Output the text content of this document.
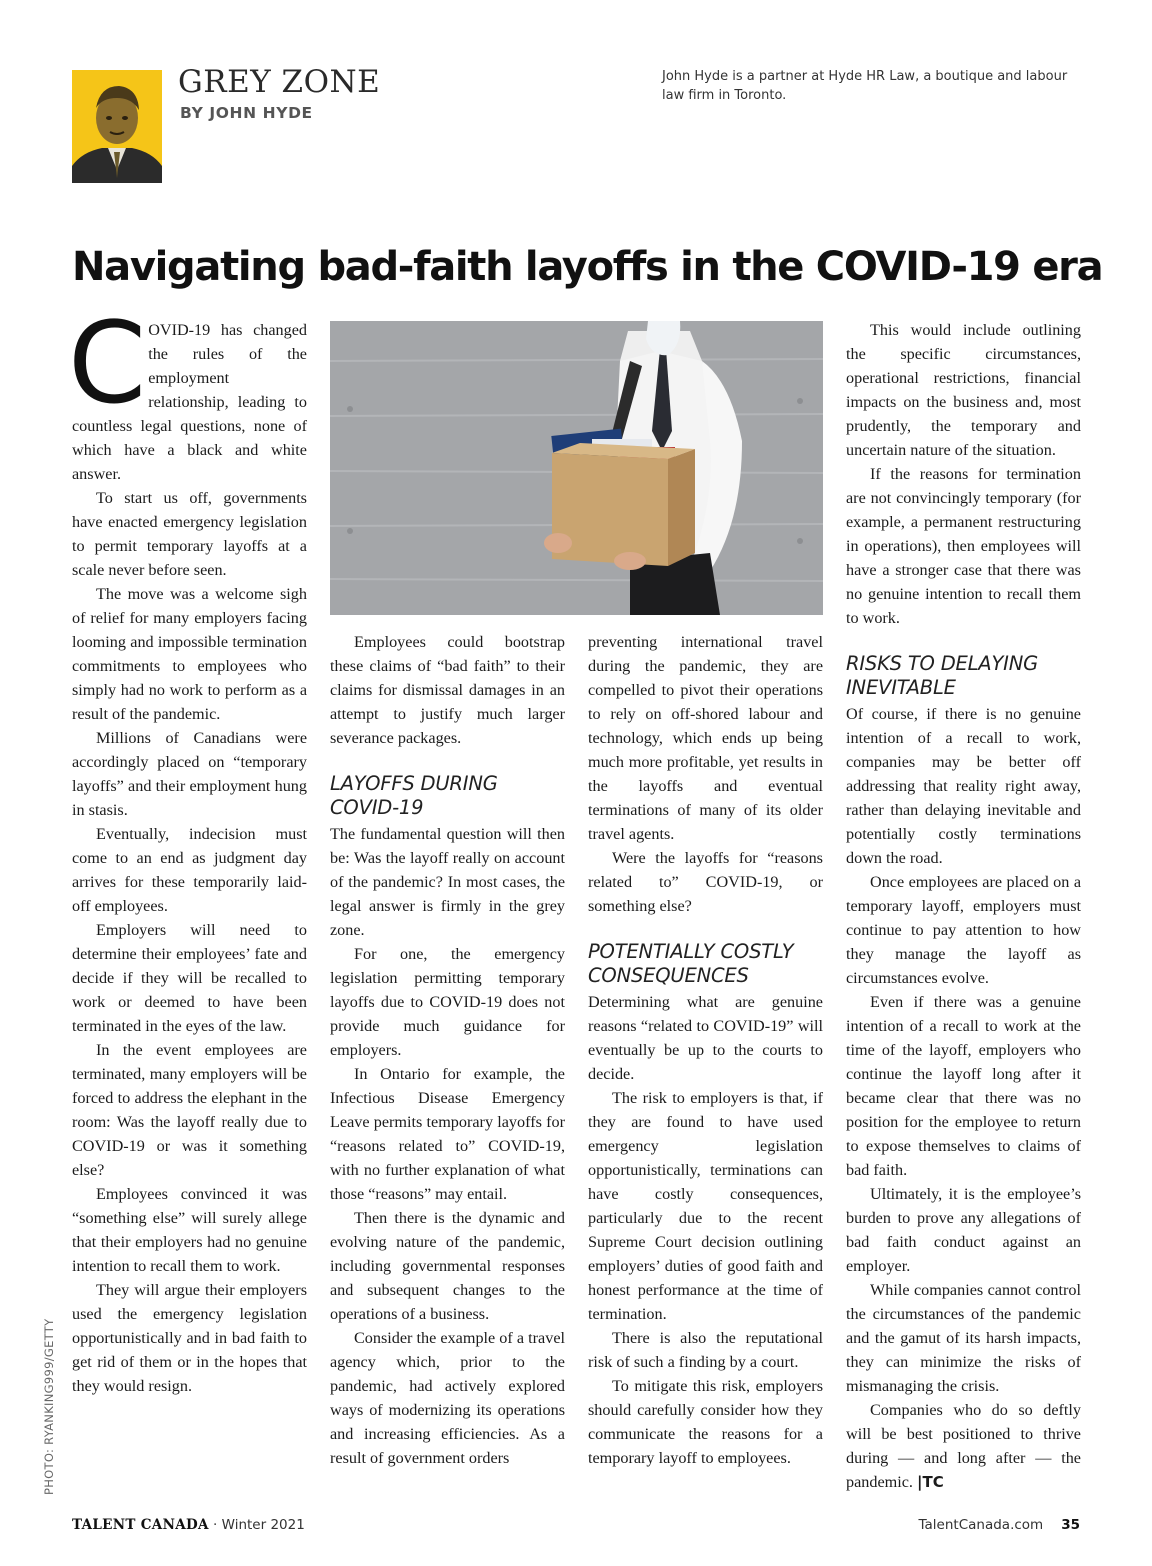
GREY ZONE
BY JOHN HYDE
John Hyde is a partner at Hyde HR Law, a boutique and labour law firm in Toronto.
Navigating bad-faith layoffs in the COVID-19 era

COVID-19 has changed the rules of the employment relationship, leading to countless legal questions, none of which have a black and white answer.

To start us off, governments have enacted emergency legislation to permit temporary layoffs at a scale never before seen.

The move was a welcome sigh of relief for many employers facing looming and impossible termination commitments to employees who simply had no work to perform as a result of the pandemic.

Millions of Canadians were accordingly placed on “temporary layoffs” and their employment hung in stasis.

Eventually, indecision must come to an end as judgment day arrives for these temporarily laid-off employees.

Employers will need to determine their employees’ fate and decide if they will be recalled to work or deemed to have been terminated in the eyes of the law.

In the event employees are terminated, many employers will be forced to address the elephant in the room: Was the layoff really due to COVID-19 or was it something else?

Employees convinced it was “something else” will surely allege that their employers had no genuine intention to recall them to work.

They will argue their employers used the emergency legislation opportunistically and in bad faith to get rid of them or in the hopes that they would resign.

Employees could bootstrap these claims of “bad faith” to their claims for dismissal damages in an attempt to justify much larger severance packages.

LAYOFFS DURING COVID-19

The fundamental question will then be: Was the layoff really on account of the pandemic? In most cases, the legal answer is firmly in the grey zone.

For one, the emergency legislation permitting temporary layoffs due to COVID-19 does not provide much guidance for employers.

In Ontario for example, the Infectious Disease Emergency Leave permits temporary layoffs for “reasons related to” COVID-19, with no further explanation of what those “reasons” may entail.

Then there is the dynamic and evolving nature of the pandemic, including governmental responses and subsequent changes to the operations of a business.

Consider the example of a travel agency which, prior to the pandemic, had actively explored ways of modernizing its operations and increasing efficiencies. As a result of government orders

preventing international travel during the pandemic, they are compelled to pivot their operations to rely on off-shored labour and technology, which ends up being much more profitable, yet results in the layoffs and eventual terminations of many of its older travel agents.

Were the layoffs for “reasons related to” COVID-19, or something else?

POTENTIALLY COSTLY CONSEQUENCES

Determining what are genuine reasons “related to COVID-19” will eventually be up to the courts to decide.

The risk to employers is that, if they are found to have used emergency legislation opportunistically, terminations can have costly consequences, particularly due to the recent Supreme Court decision outlining employers’ duties of good faith and honest performance at the time of termination.

There is also the reputational risk of such a finding by a court.

To mitigate this risk, employers should carefully consider how they communicate the reasons for a temporary layoff to employees.

This would include outlining the specific circumstances, operational restrictions, financial impacts on the business and, most prudently, the temporary and uncertain nature of the situation.

If the reasons for termination are not convincingly temporary (for example, a permanent restructuring in operations), then employees will have a stronger case that there was no genuine intention to recall them to work.

RISKS TO DELAYING INEVITABLE

Of course, if there is no genuine intention of a recall to work, companies may be better off addressing that reality right away, rather than delaying inevitable and potentially costly terminations down the road.

Once employees are placed on a temporary layoff, employers must continue to pay attention to how they manage the layoff as circumstances evolve.

Even if there was a genuine intention of a recall to work at the time of the layoff, employers who continue the layoff long after it became clear that there was no position for the employee to return to expose themselves to claims of bad faith.

Ultimately, it is the employee’s burden to prove any allegations of bad faith conduct against an employer.

While companies cannot control the circumstances of the pandemic and the gamut of its harsh impacts, they can minimize the risks of mismanaging the crisis.

Companies who do so deftly will be best positioned to thrive during — and long after — the pandemic. |TC

PHOTO: RYANKING999/GETTY
TALENT CANADA · Winter 2021	TalentCanada.com 35
